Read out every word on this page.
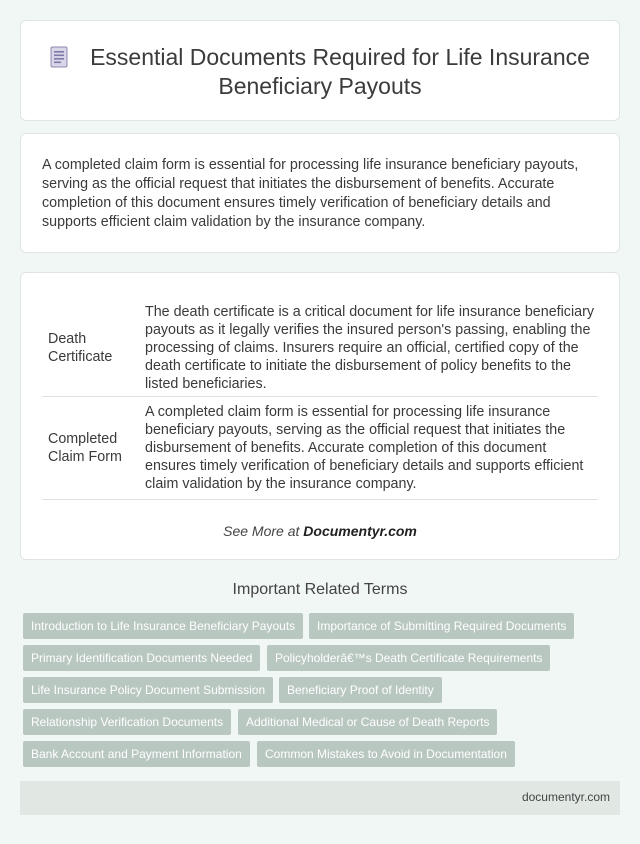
Essential Documents Required for Life Insurance Beneficiary Payouts

A completed claim form is essential for processing life insurance beneficiary payouts, serving as the official request that initiates the disbursement of benefits. Accurate completion of this document ensures timely verification of beneficiary details and supports efficient claim validation by the insurance company.

Death Certificate
The death certificate is a critical document for life insurance beneficiary payouts as it legally verifies the insured person's passing, enabling the processing of claims. Insurers require an official, certified copy of the death certificate to initiate the disbursement of policy benefits to the listed beneficiaries.
Completed Claim Form
A completed claim form is essential for processing life insurance beneficiary payouts, serving as the official request that initiates the disbursement of benefits. Accurate completion of this document ensures timely verification of beneficiary details and supports efficient claim validation by the insurance company.
See More at Documentyr.com
Important Related Terms
Introduction to Life Insurance Beneficiary Payouts	Importance of Submitting Required Documents
Primary Identification Documents Needed	Policyholderâ€™s Death Certificate Requirements
Life Insurance Policy Document Submission	Beneficiary Proof of Identity
Relationship Verification Documents	Additional Medical or Cause of Death Reports
Bank Account and Payment Information	Common Mistakes to Avoid in Documentation
documentyr.com
